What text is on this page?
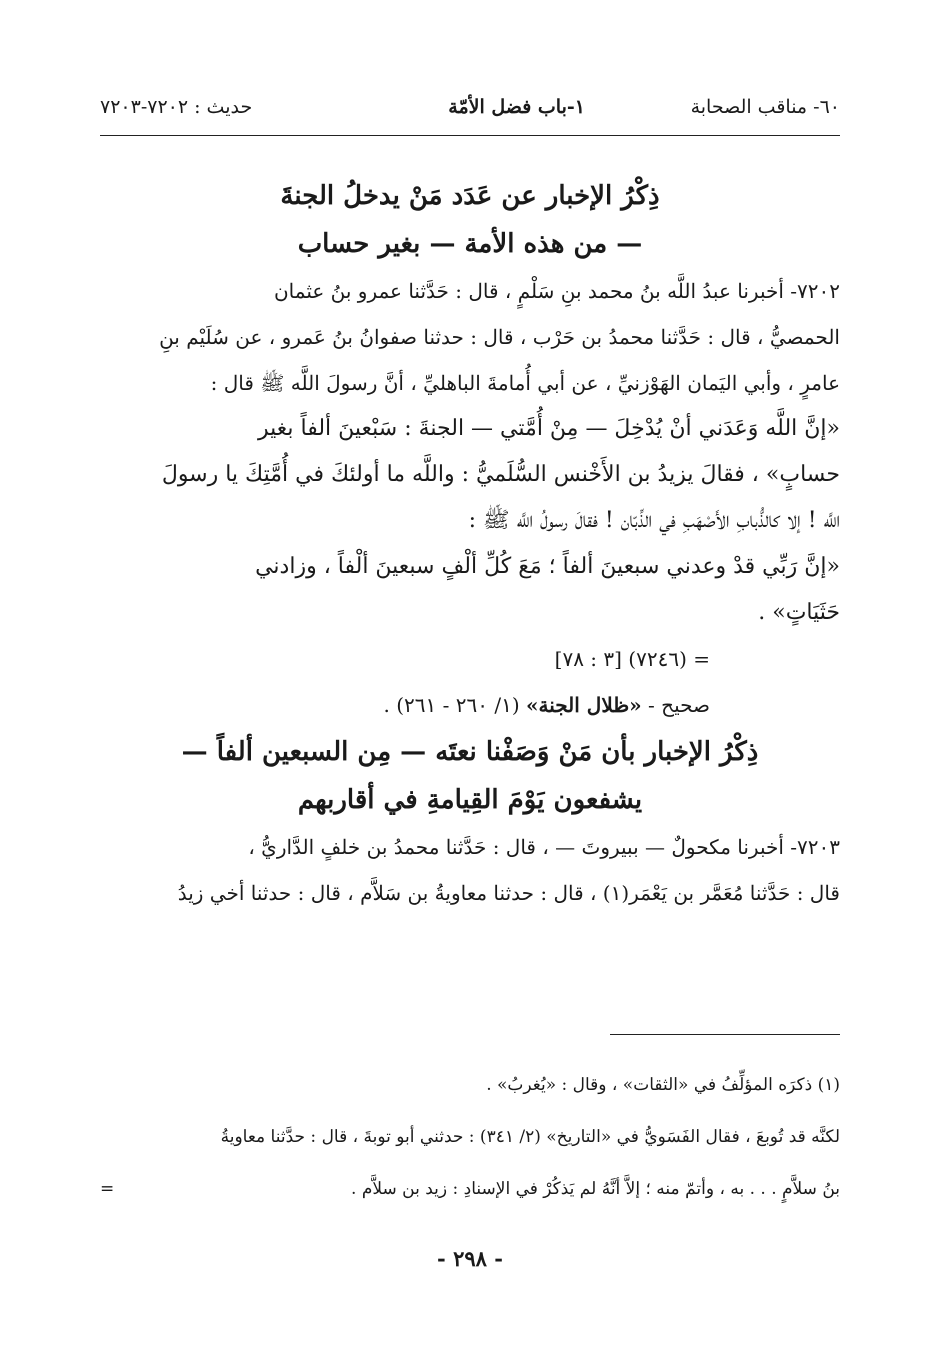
٦٠- مناقب الصحابة
١-باب فضل الأمّة
حديث : ٧٢٠٢-٧٢٠٣

ذِكْرُ الإخبار عن عَدَد مَنْ يدخلُ الجنةَ

— من هذه الأمة — بغير حساب

٧٢٠٢- أخبرنا عبدُ اللَّه بنُ محمد بنِ سَلْمٍ ، قال : حَدَّثنا عمرو بنُ عثمان

الحمصيُّ ، قال : حَدَّثنا محمدُ بن حَرْب ، قال : حدثنا صفوانُ بنُ عَمرو ، عن سُلَيْم بنِ

عامرٍ ، وأبي اليَمان الهَوْزنيِّ ، عن أبي أُمامةَ الباهليِّ ، أنَّ رسولَ اللَّه ﷺ قال :

«إنَّ اللَّه وَعَدَني أنْ يُدْخِلَ — مِنْ أُمَّتي — الجنةَ : سَبْعينَ ألفاً بغير

حسابٍ» ، فقالَ يزيدُ بن الأَخْنس السُّلَميُّ : واللَّه ما أولئكَ في أُمَّتِكَ يا رسولَ

اللَّه ! إلا كالذُّبابِ الأَصْهَبِ في الذِّبّان ! فقالَ رسولُ اللَّه ﷺ :

«إنَّ رَبِّي قدْ وعدني سبعينَ ألفاً ؛ مَعَ كُلِّ ألْفٍ سبعينَ ألْفاً ، وزادني

حَثَيَاتٍ» .

= (٧٢٤٦) [٣ : ٧٨]

صحيح - «ظلال الجنة» (١/ ٢٦٠ - ٢٦١) .

ذِكْرُ الإخبار بأن مَنْ وَصَفْنا نعتَه — مِن السبعين ألفاً —

يشفعون يَوْمَ القِيامةِ في أقاربهم

٧٢٠٣- أخبرنا مكحولٌ — ببيروتَ — ، قال : حَدَّثنا محمدُ بن خلفٍ الدَّاريُّ ،

قال : حَدَّثنا مُعَمَّر بن يَعْمَر(١) ، قال : حدثنا معاويةُ بن سَلاَّم ، قال : حدثنا أخي زيدُ

(١) ذكرَه المؤلِّفُ في «الثقات» ، وقال : «يُغربُ» .

لكنَّه قد تُوبعَ ، فقال الفَسَويُّ في «التاريخ» (٢/ ٣٤١) : حدثني أبو توبةَ ، قال : حدَّثنا معاويةُ

بنُ سلاَّمٍ . . . به ، وأتمّ منه ؛ إلاَّ أنَّهُ لم يَذكُرْ في الإسنادِ : زيد بن سلاَّم .
=

- ٢٩٨ -
